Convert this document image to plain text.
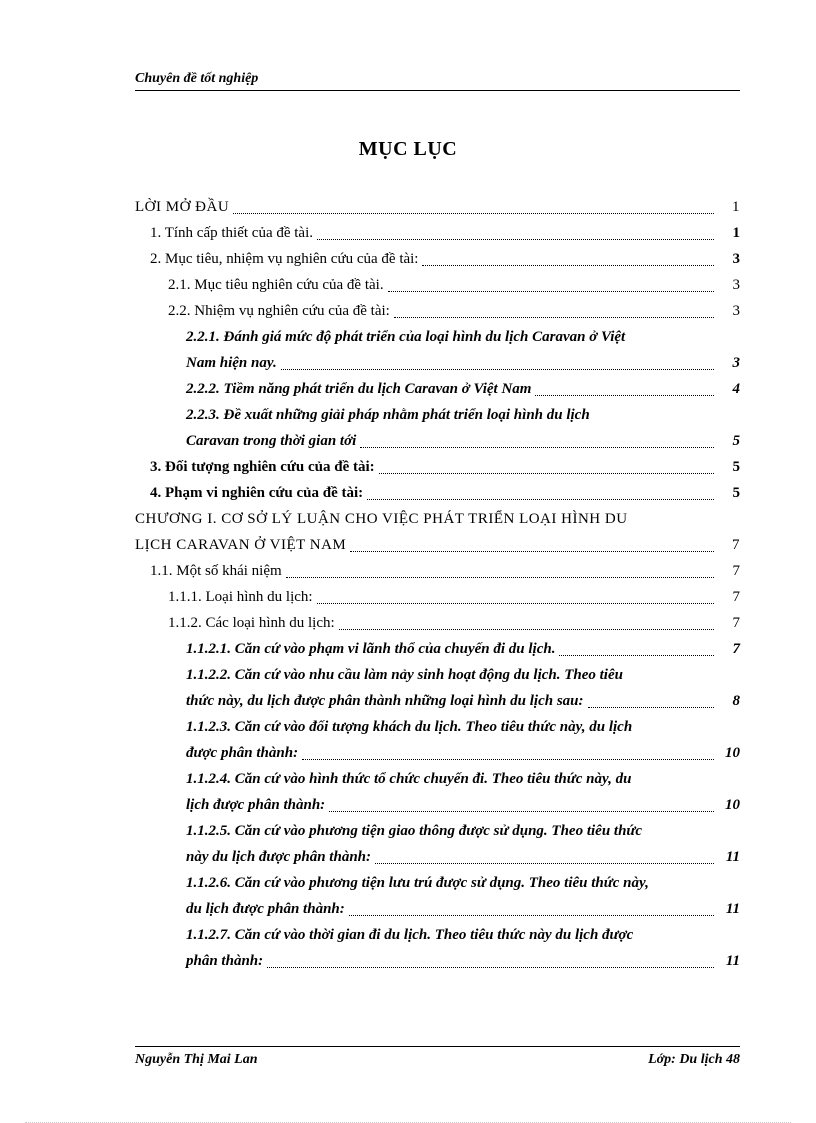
Chuyên đề tốt nghiệp
MỤC LỤC
LỜI MỞ ĐẦU	1
1. Tính cấp thiết của đề tài.	1
2. Mục tiêu, nhiệm vụ nghiên cứu của đề tài:	3
2.1. Mục tiêu nghiên cứu của đề tài.	3
2.2. Nhiệm vụ nghiên cứu của đề tài:	3
2.2.1. Đánh giá mức độ phát triển của loại hình du lịch Caravan ở Việt
Nam hiện nay.	3
2.2.2. Tiềm năng phát triển du lịch Caravan ở Việt Nam	4
2.2.3. Đề xuất những giải pháp nhằm phát triển loại hình du lịch
Caravan trong thời gian tới	5
3. Đối tượng nghiên cứu của đề tài:	5
4. Phạm vi nghiên cứu của đề tài:	5
CHƯƠNG I. CƠ SỞ LÝ LUẬN CHO VIỆC PHÁT TRIỂN LOẠI HÌNH DU
LỊCH CARAVAN Ở VIỆT NAM	7
1.1. Một số khái niệm	7
1.1.1. Loại hình du lịch:	7
1.1.2. Các loại hình du lịch:	7
1.1.2.1. Căn cứ vào phạm vi lãnh thổ của chuyến đi du lịch.	7
1.1.2.2. Căn cứ vào nhu cầu làm nảy sinh hoạt động du lịch. Theo tiêu
thức này, du lịch được phân thành những loại hình du lịch sau:	8
1.1.2.3. Căn cứ vào đối tượng khách du lịch. Theo tiêu thức này, du lịch
được phân thành:	10
1.1.2.4. Căn cứ vào hình thức tổ chức chuyến đi. Theo tiêu thức này, du
lịch được phân thành:	10
1.1.2.5. Căn cứ vào phương tiện giao thông được sử dụng. Theo tiêu thức
này du lịch được phân thành:	11
1.1.2.6. Căn cứ vào phương tiện lưu trú được sử dụng. Theo tiêu thức này,
du lịch được phân thành:	11
1.1.2.7. Căn cứ vào thời gian đi du lịch. Theo tiêu thức này du lịch được
phân thành:	11
Nguyễn Thị Mai Lan	Lớp: Du lịch 48
